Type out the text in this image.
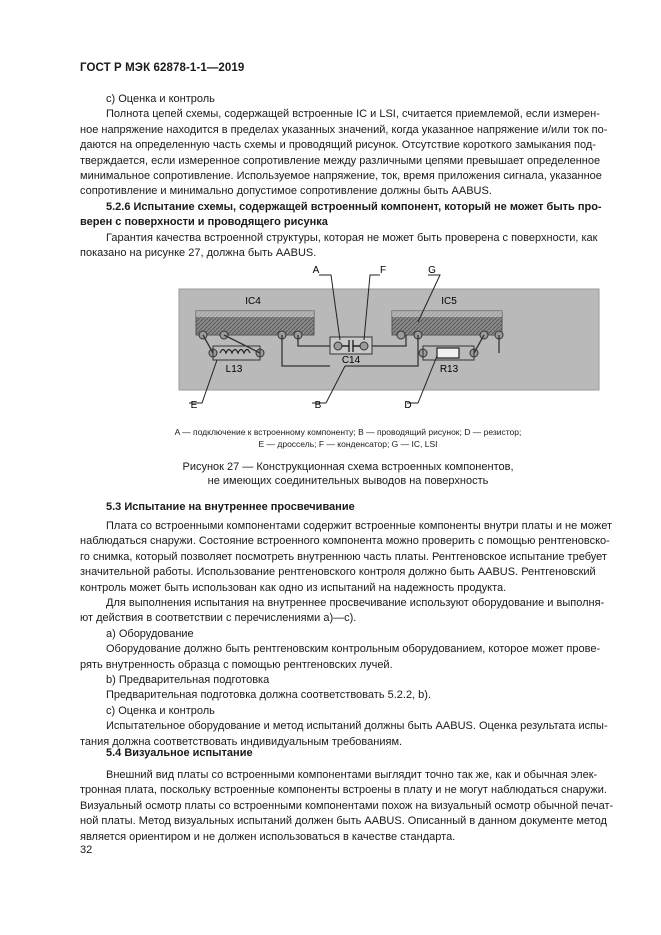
ГОСТ Р МЭК 62878-1-1—2019

c) Оценка и контроль

Полнота цепей схемы, содержащей встроенные IC и LSI, считается приемлемой, если измерен-

ное напряжение находится в пределах указанных значений, когда указанное напряжение и/или ток по-

даются на определенную часть схемы и проводящий рисунок. Отсутствие короткого замыкания под-

тверждается, если измеренное сопротивление между различными цепями превышает определенное

минимальное сопротивление. Используемое напряжение, ток, время приложения сигнала, указанное

сопротивление и минимально допустимое сопротивление должны быть AABUS.

5.2.6 Испытание схемы, содержащей встроенный компонент, который не может быть про-

верен с поверхности и проводящего рисунка

Гарантия качества встроенной структуры, которая не может быть проверена с поверхности, как

показано на рисунке 27, должна быть AABUS.

IC4	IC5
L13
C14
R13
A	F	G
E	B	D
A — подключение к встроенному компоненту; B — проводящий рисунок; D — резистор;
E — дроссель; F — конденсатор; G — IC, LSI
Рисунок 27 — Конструкционная схема встроенных компонентов,
не имеющих соединительных выводов на поверхность

5.3 Испытание на внутреннее просвечивание

Плата со встроенными компонентами содержит встроенные компоненты внутри платы и не может

наблюдаться снаружи. Состояние встроенного компонента можно проверить с помощью рентгеновско-

го снимка, который позволяет посмотреть внутреннюю часть платы. Рентгеновское испытание требует

значительной работы. Использование рентгеновского контроля должно быть AABUS. Рентгеновский

контроль может быть использован как одно из испытаний на надежность продукта.

Для выполнения испытания на внутреннее просвечивание используют оборудование и выполня-

ют действия в соответствии с перечислениями a)—c).

a) Оборудование

Оборудование должно быть рентгеновским контрольным оборудованием, которое может прове-

рять внутренность образца с помощью рентгеновских лучей.

b) Предварительная подготовка

Предварительная подготовка должна соответствовать 5.2.2, b).

c) Оценка и контроль

Испытательное оборудование и метод испытаний должны быть AABUS. Оценка результата испы-

тания должна соответствовать индивидуальным требованиям.

5.4 Визуальное испытание

Внешний вид платы со встроенными компонентами выглядит точно так же, как и обычная элек-

тронная плата, поскольку встроенные компоненты встроены в плату и не могут наблюдаться снаружи.

Визуальный осмотр платы со встроенными компонентами похож на визуальный осмотр обычной печат-

ной платы. Метод визуальных испытаний должен быть AABUS. Описанный в данном документе метод

является ориентиром и не должен использоваться в качестве стандарта.

32
